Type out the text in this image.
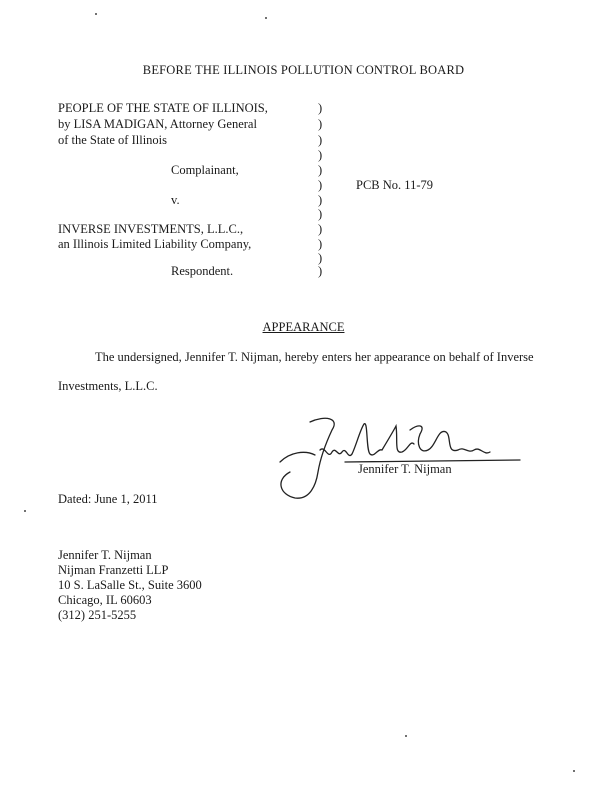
BEFORE THE ILLINOIS POLLUTION CONTROL BOARD
PEOPLE OF THE STATE OF ILLINOIS,
by LISA MADIGAN, Attorney General
of the State of Illinois
Complainant,
v.
INVERSE INVESTMENTS, L.L.C.,
an Illinois Limited Liability Company,
Respondent.
PCB No. 11-79
)
)
)
)
)
)
)
)
)
)
)
)
APPEARANCE
The undersigned, Jennifer T. Nijman, hereby enters her appearance on behalf of Inverse
Investments, L.L.C.
Jennifer T. Nijman
Dated: June 1, 2011
Jennifer T. Nijman
Nijman Franzetti LLP
10 S. LaSalle St., Suite 3600
Chicago, IL 60603
(312) 251-5255
